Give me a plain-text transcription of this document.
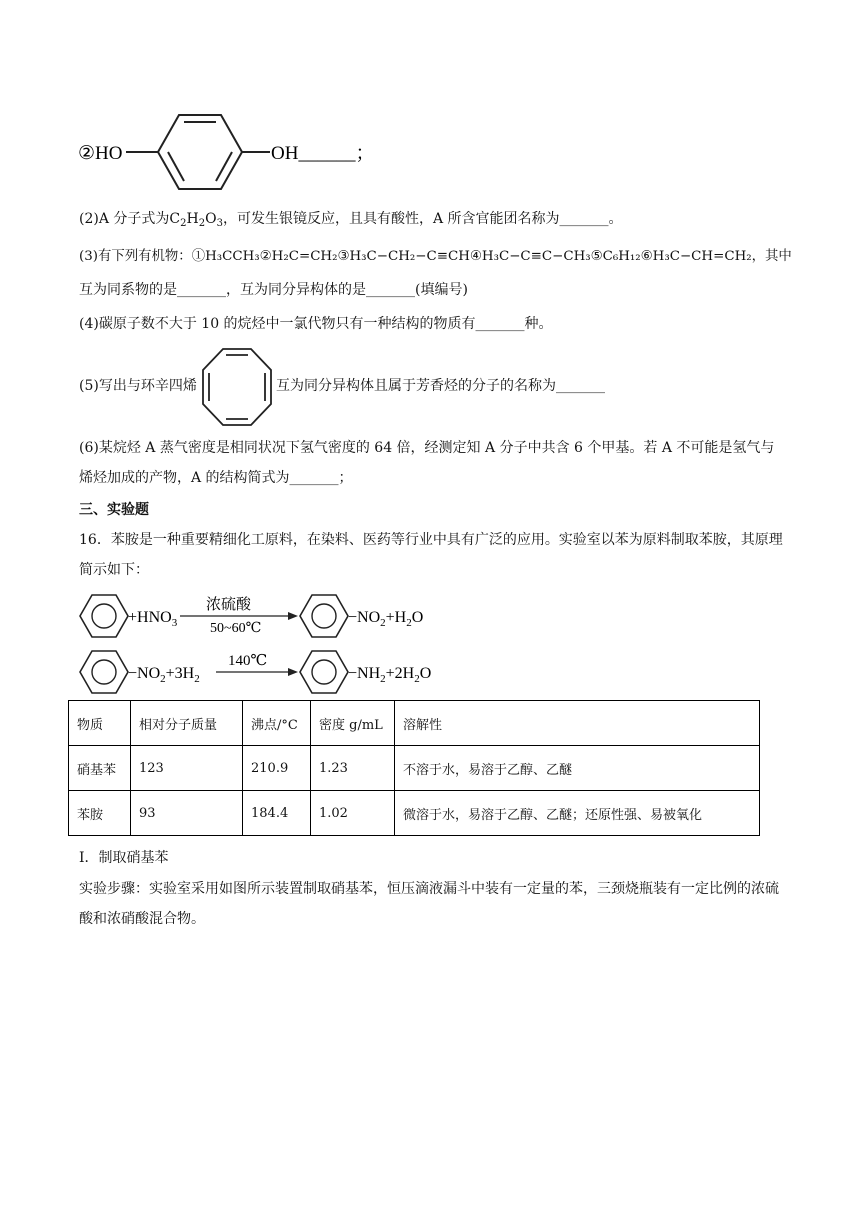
②HO	OH______；
(2)A 分子式为$C_2H_2O_3$，可发生银镜反应，且具有酸性，A 所含官能团名称为_______。
(3)有下列有机物：①H₃CCH₃②H₂C=CH₂③H₃C−CH₂−C≡CH④H₃C−C≡C−CH₃⑤C₆H₁₂⑥H₃C−CH=CH₂，其中
互为同系物的是_______，互为同分异构体的是_______(填编号)
(4)碳原子数不大于 10 的烷烃中一氯代物只有一种结构的物质有_______种。
(5)写出与环辛四烯	互为同分异构体且属于芳香烃的分子的名称为_______
(6)某烷烃 A 蒸气密度是相同状况下氢气密度的 64 倍，经测定知 A 分子中共含 6 个甲基。若 A 不可能是氢气与烯烃加成的产物，A 的结构简式为_______；
三、实验题
16．苯胺是一种重要精细化工原料，在染料、医药等行业中具有广泛的应用。实验室以苯为原料制取苯胺，其原理简示如下：
$+HNO_3$
浓硫酸
50~60℃
$-NO_2+H_2O$
$-NO_2+3H_2$
140℃
$-NH_2+2H_2O$
物质	相对分子质量	沸点/°C	密度 g/mL	溶解性
硝基苯	123	210.9	1.23	不溶于水，易溶于乙醇、乙醚
苯胺	93	184.4	1.02	微溶于水，易溶于乙醇、乙醚；还原性强、易被氧化
I．制取硝基苯
实验步骤：实验室采用如图所示装置制取硝基苯，恒压滴液漏斗中装有一定量的苯，三颈烧瓶装有一定比例的浓硫酸和浓硝酸混合物。
